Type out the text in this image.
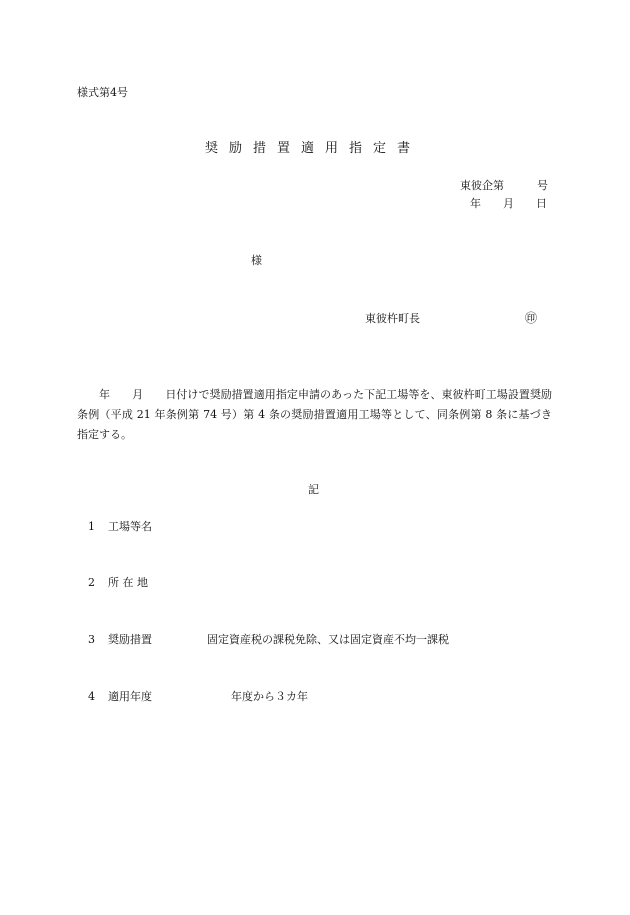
様式第4号
奨励措置適用指定書
東彼企第　　　号
年　　月　　日
様
東彼杵町長	㊞
年　　月　　日付けで奨励措置適用指定申請のあった下記工場等を、東彼杵町工場設置奨励条例（平成 21 年条例第 74 号）第 4 条の奨励措置適用工場等として、同条例第 8 条に基づき指定する。
記
1 工場等名
2 所 在 地
3 奨励措置	固定資産税の課税免除、又は固定資産不均一課税
4 適用年度	年度から３カ年
